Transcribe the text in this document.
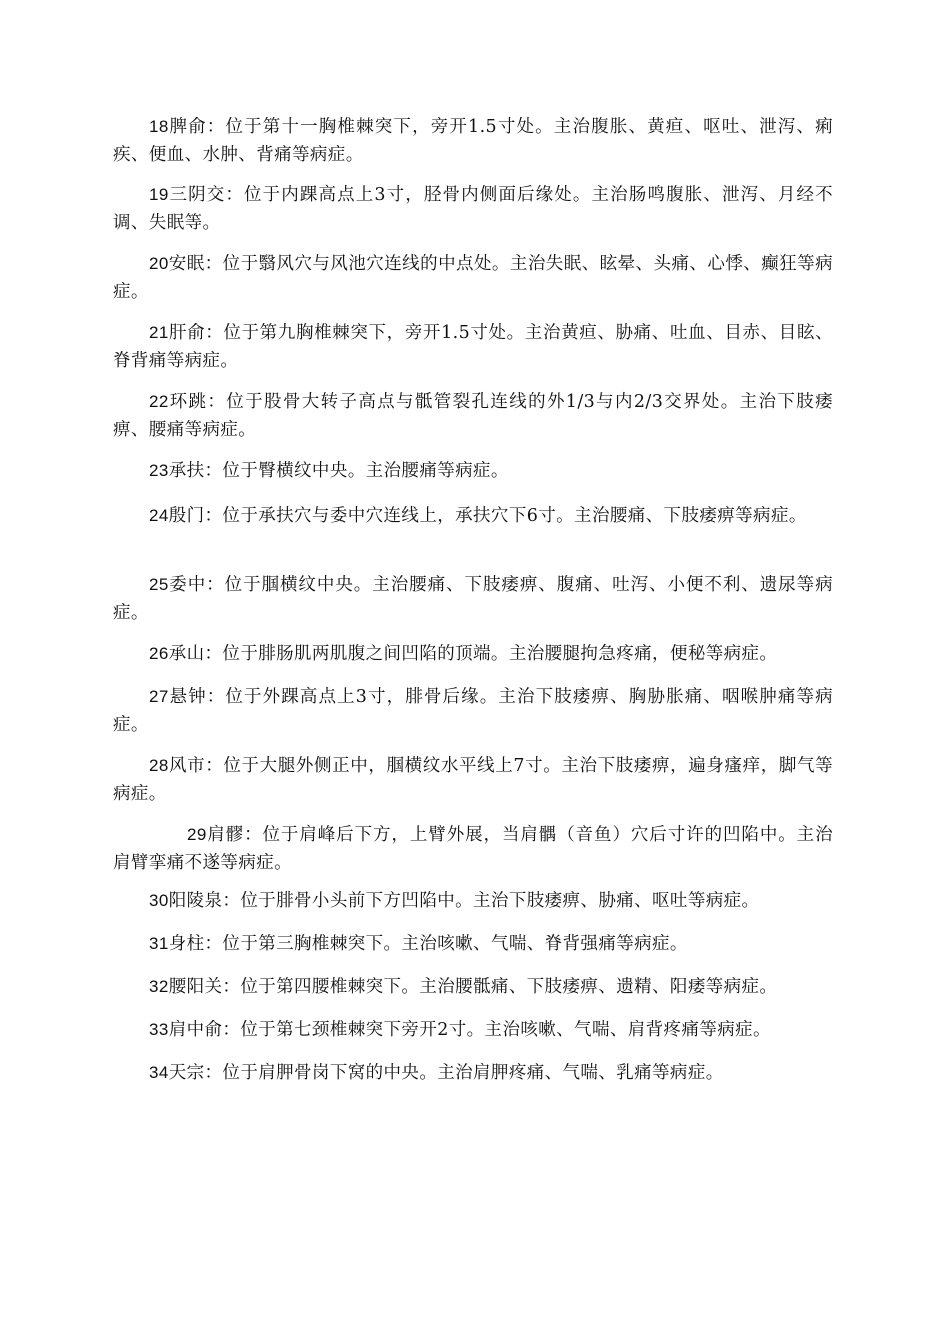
18脾俞：位于第十一胸椎棘突下，旁开1.5寸处。主治腹胀、黄疸、呕吐、泄泻、痢疾、便血、水肿、背痛等病症。

19三阴交：位于内踝高点上3寸，胫骨内侧面后缘处。主治肠鸣腹胀、泄泻、月经不调、失眠等。

20安眠：位于翳风穴与风池穴连线的中点处。主治失眠、眩晕、头痛、心悸、癫狂等病症。

21肝俞：位于第九胸椎棘突下，旁开1.5寸处。主治黄疸、胁痛、吐血、目赤、目眩、脊背痛等病症。

22环跳：位于股骨大转子高点与骶管裂孔连线的外1/3与内2/3交界处。主治下肢痿痹、腰痛等病症。

23承扶：位于臀横纹中央。主治腰痛等病症。

24殷门：位于承扶穴与委中穴连线上，承扶穴下6寸。主治腰痛、下肢痿痹等病症。

25委中：位于腘横纹中央。主治腰痛、下肢痿痹、腹痛、吐泻、小便不利、遗尿等病症。

26承山：位于腓肠肌两肌腹之间凹陷的顶端。主治腰腿拘急疼痛，便秘等病症。

27悬钟：位于外踝高点上3寸，腓骨后缘。主治下肢痿痹、胸胁胀痛、咽喉肿痛等病症。

28风市：位于大腿外侧正中，腘横纹水平线上7寸。主治下肢痿痹，遍身瘙痒，脚气等病症。

29肩髎：位于肩峰后下方，上臂外展，当肩髃（音鱼）穴后寸许的凹陷中。主治肩臂挛痛不遂等病症。

30阳陵泉：位于腓骨小头前下方凹陷中。主治下肢痿痹、胁痛、呕吐等病症。

31身柱：位于第三胸椎棘突下。主治咳嗽、气喘、脊背强痛等病症。

32腰阳关：位于第四腰椎棘突下。主治腰骶痛、下肢痿痹、遗精、阳痿等病症。

33肩中俞：位于第七颈椎棘突下旁开2寸。主治咳嗽、气喘、肩背疼痛等病症。

34天宗：位于肩胛骨岗下窝的中央。主治肩胛疼痛、气喘、乳痛等病症。
